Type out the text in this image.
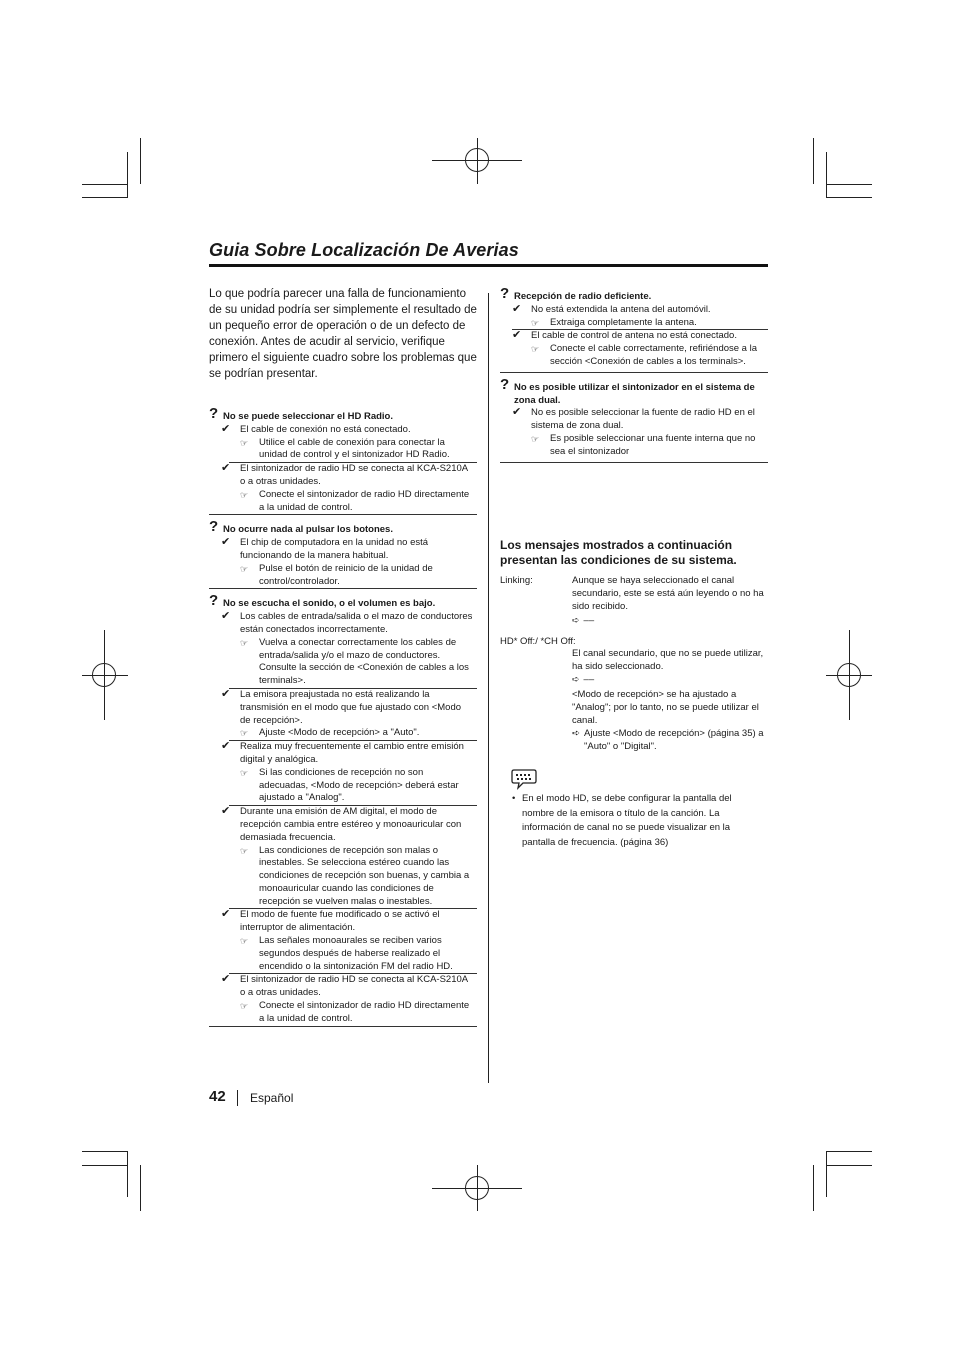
Guia Sobre Localización De Averias
Lo que podría parecer una falla de funcionamiento de su unidad podría ser simplemente el resultado de un pequeño error de operación o de un defecto de conexión. Antes de acudir al servicio, verifique primero el siguiente cuadro sobre los problemas que se podrían presentar.
? No se puede seleccionar el HD Radio.
✔ El cable de conexión no está conectado.
☞ Utilice el cable de conexión para conectar la unidad de control y el sintonizador HD Radio.
✔ El sintonizador de radio HD se conecta al KCA-S210A o a otras unidades.
☞ Conecte el sintonizador de radio HD directamente a la unidad de control.
? No ocurre nada al pulsar los botones.
✔ El chip de computadora en la unidad no está funcionando de la manera habitual.
☞ Pulse el botón de reinicio de la unidad de control/controlador.
? No se escucha el sonido, o el volumen es bajo.
✔ Los cables de entrada/salida o el mazo de conductores están conectados incorrectamente.
☞ Vuelva a conectar correctamente los cables de entrada/salida y/o el mazo de conductores. Consulte la sección de <Conexión de cables a los terminals>.
✔ La emisora preajustada no está realizando la transmisión en el modo que fue ajustado con <Modo de recepción>.
☞ Ajuste <Modo de recepción> a "Auto".
✔ Realiza muy frecuentemente el cambio entre emisión digital y analógica.
☞ Si las condiciones de recepción no son adecuadas, <Modo de recepción> deberá estar ajustado a "Analog".
✔ Durante una emisión de AM digital, el modo de recepción cambia entre estéreo y monoauricular con demasiada frecuencia.
☞ Las condiciones de recepción son malas o inestables. Se selecciona estéreo cuando las condiciones de recepción son buenas, y cambia a monoauricular cuando las condiciones de recepción se vuelven malas o inestables.
✔ El modo de fuente fue modificado o se activó el interruptor de alimentación.
☞ Las señales monoaurales se reciben varios segundos después de haberse realizado el encendido o la sintonización FM del radio HD.
✔ El sintonizador de radio HD se conecta al KCA-S210A o a otras unidades.
☞ Conecte el sintonizador de radio HD directamente a la unidad de control.
? Recepción de radio deficiente.
✔ No está extendida la antena del automóvil.
☞ Extraiga completamente la antena.
✔ El cable de control de antena no está conectado.
☞ Conecte el cable correctamente, refiriéndose a la sección <Conexión de cables a los terminals>.
? No es posible utilizar el sintonizador en el sistema de zona dual.
✔ No es posible seleccionar la fuente de radio HD en el sistema de zona dual.
☞ Es posible seleccionar una fuente interna que no sea el sintonizador
Los mensajes mostrados a continuación presentan las condiciones de su sistema.
Linking:	Aunque se haya seleccionado el canal secundario, este se está aún leyendo o no ha sido recibido.
➪ ––
HD* Off:/ *CH Off:
El canal secundario, que no se puede utilizar, ha sido seleccionado.
➪ ––
<Modo de recepción> se ha ajustado a "Analog"; por lo tanto, no se puede utilizar el canal.
Ajuste <Modo de recepción> (página 35) a "Auto" o "Digital".
➪
• En el modo HD, se debe configurar la pantalla del nombre de la emisora o título de la canción. La información de canal no se puede visualizar en la pantalla de frecuencia. (página 36)
42 Español
